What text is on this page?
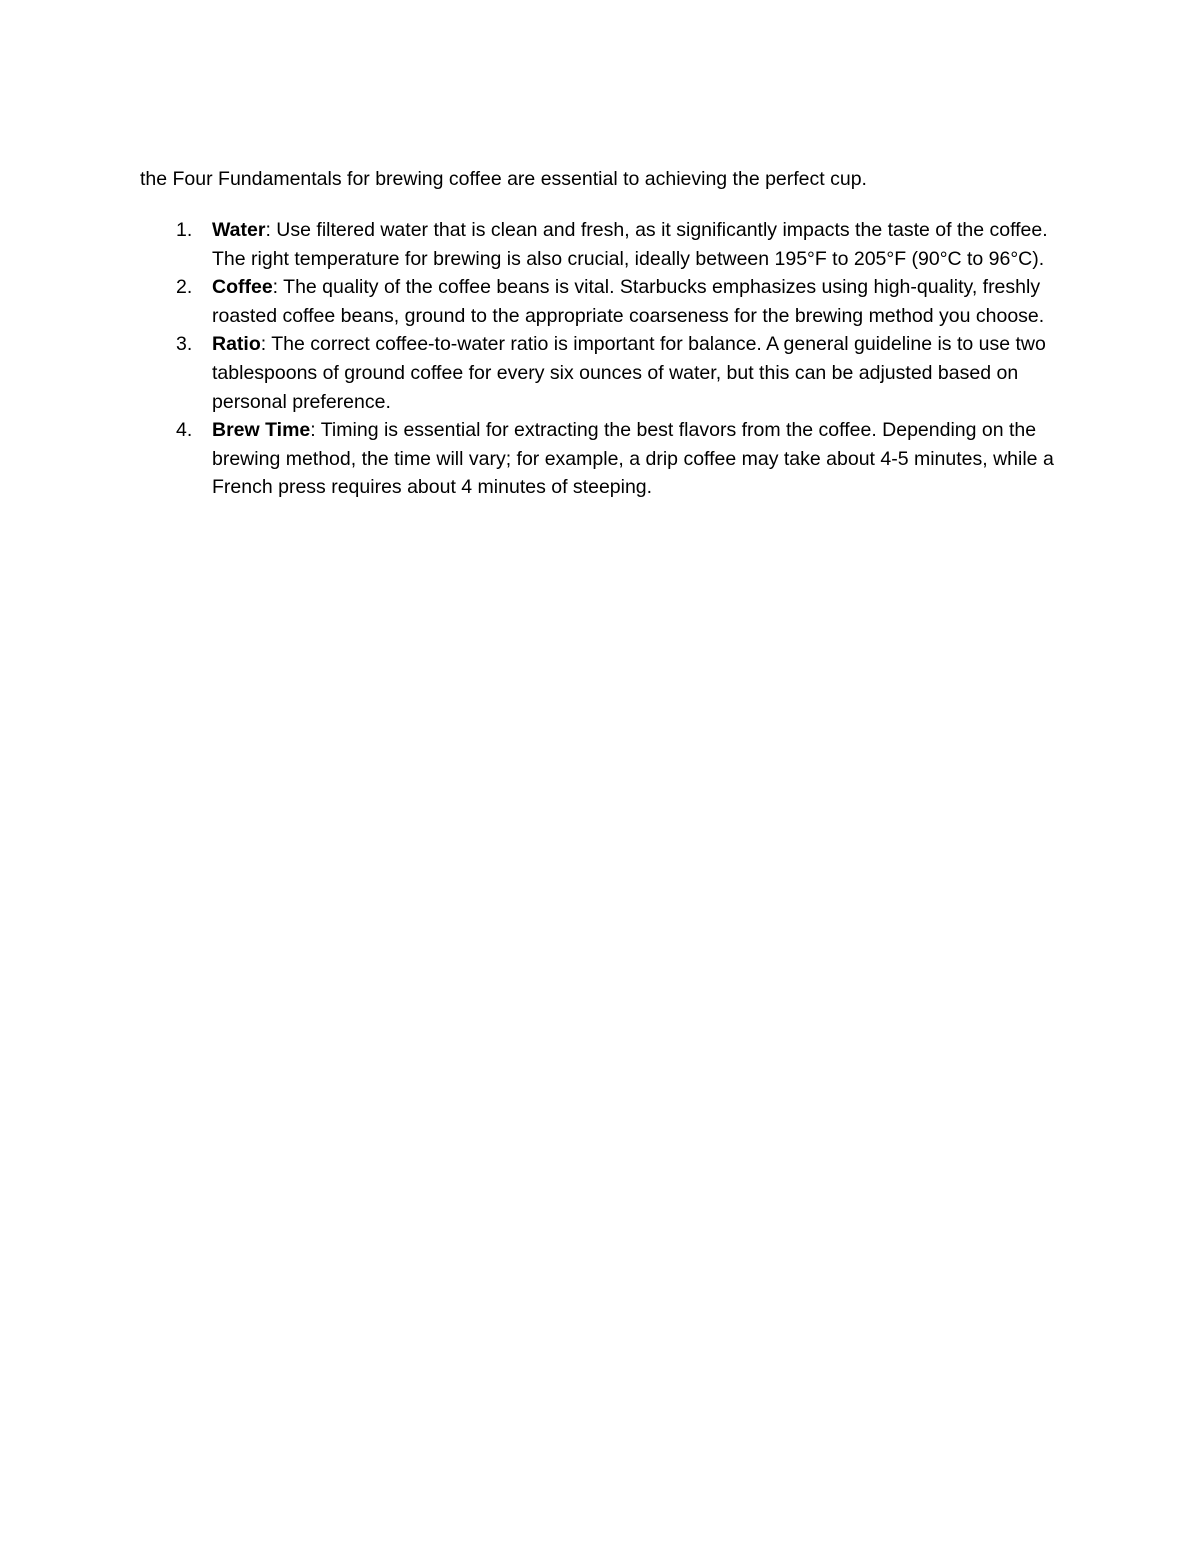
the Four Fundamentals for brewing coffee are essential to achieving the perfect cup.

1. Water: Use filtered water that is clean and fresh, as it significantly impacts the taste of the coffee. The right temperature for brewing is also crucial, ideally between 195°F to 205°F (90°C to 96°C).
2. Coffee: The quality of the coffee beans is vital. Starbucks emphasizes using high-quality, freshly roasted coffee beans, ground to the appropriate coarseness for the brewing method you choose.
3. Ratio: The correct coffee-to-water ratio is important for balance. A general guideline is to use two tablespoons of ground coffee for every six ounces of water, but this can be adjusted based on personal preference.
4. Brew Time: Timing is essential for extracting the best flavors from the coffee. Depending on the brewing method, the time will vary; for example, a drip coffee may take about 4-5 minutes, while a French press requires about 4 minutes of steeping.
